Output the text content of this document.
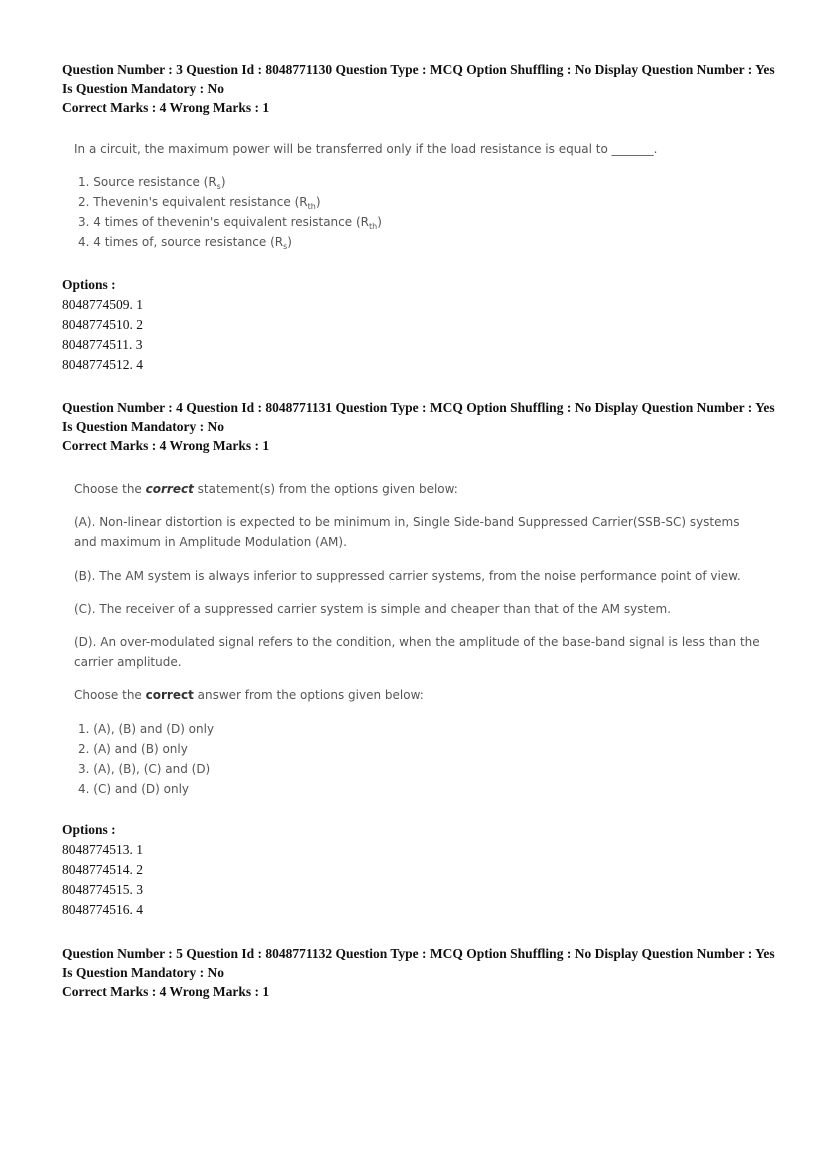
Question Number : 3 Question Id : 8048771130 Question Type : MCQ Option Shuffling : No Display Question Number : Yes
Is Question Mandatory : No
Correct Marks : 4 Wrong Marks : 1
In a circuit, the maximum power will be transferred only if the load resistance is equal to _______.
1. Source resistance $(R_s)$
2. Thevenin's equivalent resistance $(R_{th})$
3. 4 times of thevenin's equivalent resistance $(R_{th})$
4. 4 times of, source resistance $(R_s)$
Options :
8048774509. 1
8048774510. 2
8048774511. 3
8048774512. 4
Question Number : 4 Question Id : 8048771131 Question Type : MCQ Option Shuffling : No Display Question Number : Yes
Is Question Mandatory : No
Correct Marks : 4 Wrong Marks : 1
Choose the correct statement(s) from the options given below:
(A). Non-linear distortion is expected to be minimum in, Single Side-band Suppressed Carrier(SSB-SC) systems and maximum in Amplitude Modulation (AM).
(B). The AM system is always inferior to suppressed carrier systems, from the noise performance point of view.
(C). The receiver of a suppressed carrier system is simple and cheaper than that of the AM system.
(D). An over-modulated signal refers to the condition, when the amplitude of the base-band signal is less than the carrier amplitude.
Choose the correct answer from the options given below:
1. (A), (B) and (D) only
2. (A) and (B) only
3. (A), (B), (C) and (D)
4. (C) and (D) only
Options :
8048774513. 1
8048774514. 2
8048774515. 3
8048774516. 4
Question Number : 5 Question Id : 8048771132 Question Type : MCQ Option Shuffling : No Display Question Number : Yes
Is Question Mandatory : No
Correct Marks : 4 Wrong Marks : 1
